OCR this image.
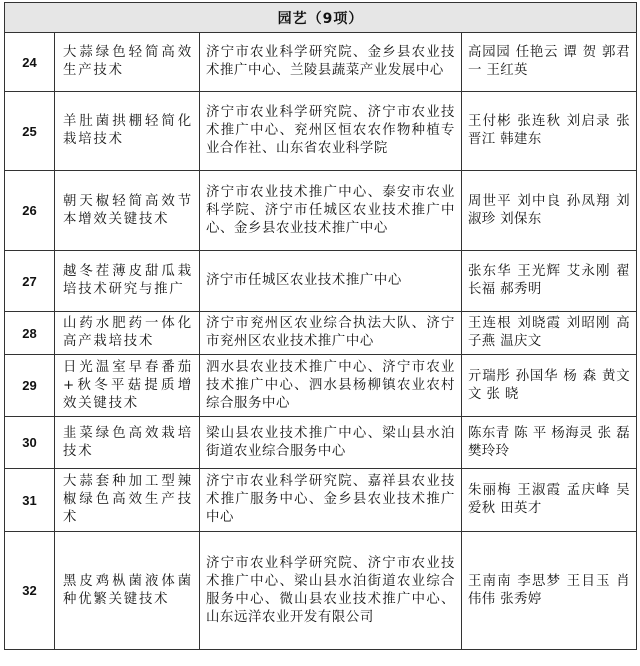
园艺（9项）			
24	大蒜绿色轻简高效生产技术	济宁市农业科学研究院、金乡县农业技术推广中心、兰陵县蔬菜产业发展中心	高园园 任艳云 谭 贺 郭君一 王红英

25	羊肚菌拱棚轻简化栽培技术	济宁市农业科学研究院、济宁市农业技术推广中心、兖州区恒农农作物种植专业合作社、山东省农业科学院	王付彬 张连秋 刘启录 张晋江 韩建东

26	朝天椒轻简高效节本增效关键技术	济宁市农业技术推广中心、泰安市农业科学院、济宁市任城区农业技术推广中心、金乡县农业技术推广中心	周世平 刘中良 孙凤翔 刘淑珍 刘保东

27	越冬茬薄皮甜瓜栽培技术研究与推广	济宁市任城区农业技术推广中心	张东华 王光辉 艾永刚 翟长福 郝秀明

28	山药水肥药一体化高产栽培技术	济宁市兖州区农业综合执法大队、济宁市兖州区农业技术推广中心	王连根 刘晓霞 刘昭刚 高子燕 温庆文

29	日光温室早春番茄+秋冬平菇提质增效关键技术	泗水县农业技术推广中心、济宁市农业技术推广中心、泗水县杨柳镇农业农村综合服务中心	亓瑞彤 孙国华 杨 森 黄文文 张 晓

30	韭菜绿色高效栽培技术	梁山县农业技术推广中心、梁山县水泊街道农业综合服务中心	陈东青 陈 平 杨海灵 张 磊 樊玲玲

31	大蒜套种加工型辣椒绿色高效生产技术	济宁市农业科学研究院、嘉祥县农业技术推广服务中心、金乡县农业技术推广中心	朱丽梅 王淑霞 孟庆峰 吴爱秋 田英才

32	黑皮鸡枞菌液体菌种优繁关键技术	济宁市农业科学研究院、济宁市农业技术推广中心、梁山县水泊街道农业综合服务中心、微山县农业技术推广中心、山东远洋农业开发有限公司	王南南 李思梦 王目玉 肖伟伟 张秀婷
